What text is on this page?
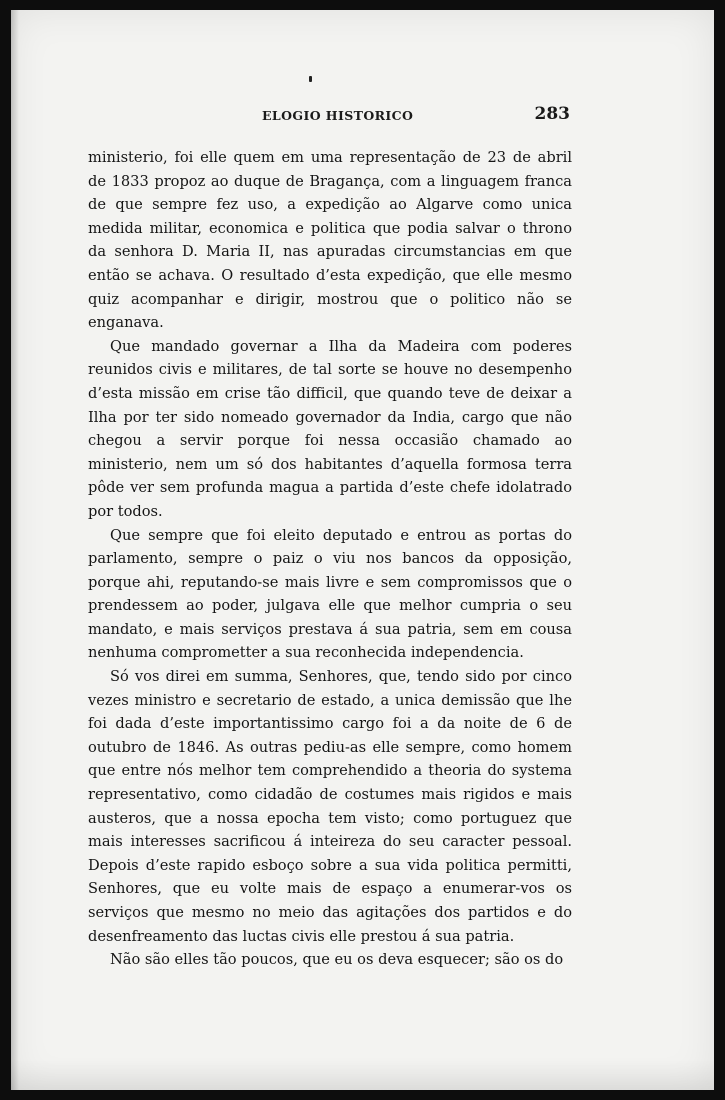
ELOGIO HISTORICO	283

ministerio, foi elle quem em uma representação de 23 de abril de 1833 propoz ao duque de Bragança, com a linguagem franca de que sempre fez uso, a expedição ao Algarve como unica medida militar, economica e politica que podia salvar o throno da senhora D. Maria II, nas apuradas circumstancias em que então se achava. O resultado d’esta expedição, que elle mesmo quiz acompanhar e dirigir, mostrou que o politico não se enganava.

Que mandado governar a Ilha da Madeira com poderes reunidos civis e militares, de tal sorte se houve no desempenho d’esta missão em crise tão difficil, que quando teve de deixar a Ilha por ter sido nomeado governador da India, cargo que não chegou a servir porque foi nessa occasião chamado ao ministerio, nem um só dos habitantes d’aquella formosa terra pôde ver sem profunda magua a partida d’este chefe idolatrado por todos.

Que sempre que foi eleito deputado e entrou as portas do parlamento, sempre o paiz o viu nos bancos da opposição, porque ahi, reputando-se mais livre e sem compromissos que o prendessem ao poder, julgava elle que melhor cumpria o seu mandato, e mais serviços prestava á sua patria, sem em cousa nenhuma comprometter a sua reconhecida independencia.

Só vos direi em summa, Senhores, que, tendo sido por cinco vezes ministro e secretario de estado, a unica demissão que lhe foi dada d’este importantissimo cargo foi a da noite de 6 de outubro de 1846. As outras pediu-as elle sempre, como homem que entre nós melhor tem comprehendido a theoria do systema representativo, como cidadão de costumes mais rigidos e mais austeros, que a nossa epocha tem visto; como portuguez que mais interesses sacrificou á inteireza do seu caracter pessoal. Depois d’este rapido esboço sobre a sua vida politica permitti, Senhores, que eu volte mais de espaço a enumerar-vos os serviços que mesmo no meio das agitações dos partidos e do desenfreamento das luctas civis elle prestou á sua patria.

Não são elles tão poucos, que eu os deva esquecer; são os do
